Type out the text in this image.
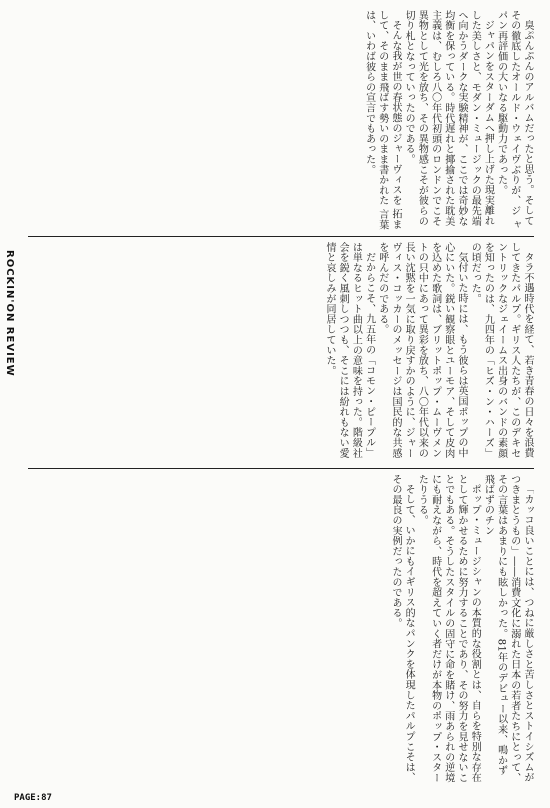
臭ぷんぷんのアルバムだったと思う。そして その徹底したオールド・ウェイヴぶりが、ジ ャパン再評価の大いなる駆動力であった。

ジャパンをスターダムへ押し上げた現実離れした美しさと、モダン・ミュージックの最先端へ向かうダークな実験精神が、ここでは奇妙な均衡を保っている。時代遅れと揶揄された耽美主義は、むしろ八〇年代初頭のロンドンでこそ異物として光を放ち、その異物感こそが彼らの切り札となっていったのである。

そんな我が世の春状態のジャーヴィスを 拓まして、そのまま飛ばす勢いのまま書かれた 言葉は、いわば彼らの宣言でもあった。

タラ不遇時代を経て、若き青春の日々を浪費してきたパルプ。ギリス人たちが、このデキセントリックなジェイームス出身のバンドの素顔を知ったのは、九四年の「ヒズ・ン・ハーズ」の頃だった。

気付いた時には、もう彼らは英国ポップの中心にいた。鋭い観察眼とユーモア、そして皮肉を込めた歌詞は、ブリットポップ・ムーヴメントの只中にあって異彩を放ち、八〇年代以来の長い沈黙を一気に取り戻すかのように、ジャーヴィス・コッカーのメッセージは国民的な共感を呼んだのである。

だからこそ、九五年の「コモン・ピープル」は単なるヒット曲以上の意味を持った。階級社会を鋭く風刺しつつも、そこには紛れもない愛情と哀しみが同居していた。

「カッコ良いことには、つねに厳しさと苦しさとストイシズムがつきまとうもの」――消費文化に溺れた日本の若者たちにとって、その言葉はあまりにも眩しかった。81年のデビュー以来、鳴かず飛ばずのチン

ポップ・ミュージシャンの本質的な役割とは、自らを特別な存在として輝かせるために努力することであり、その努力を見せないことでもある。そうしたスタイルの固守に命を賭け、雨あられの逆境にも耐えながら、時代を超えていく者だけが本物のポップ・スターたりうる。

そして、いかにもイギリス的なパンクを体現したパルプこそは、その最良の実例だったのである。

ROCKIN'ON REVIEW
PAGE:87
